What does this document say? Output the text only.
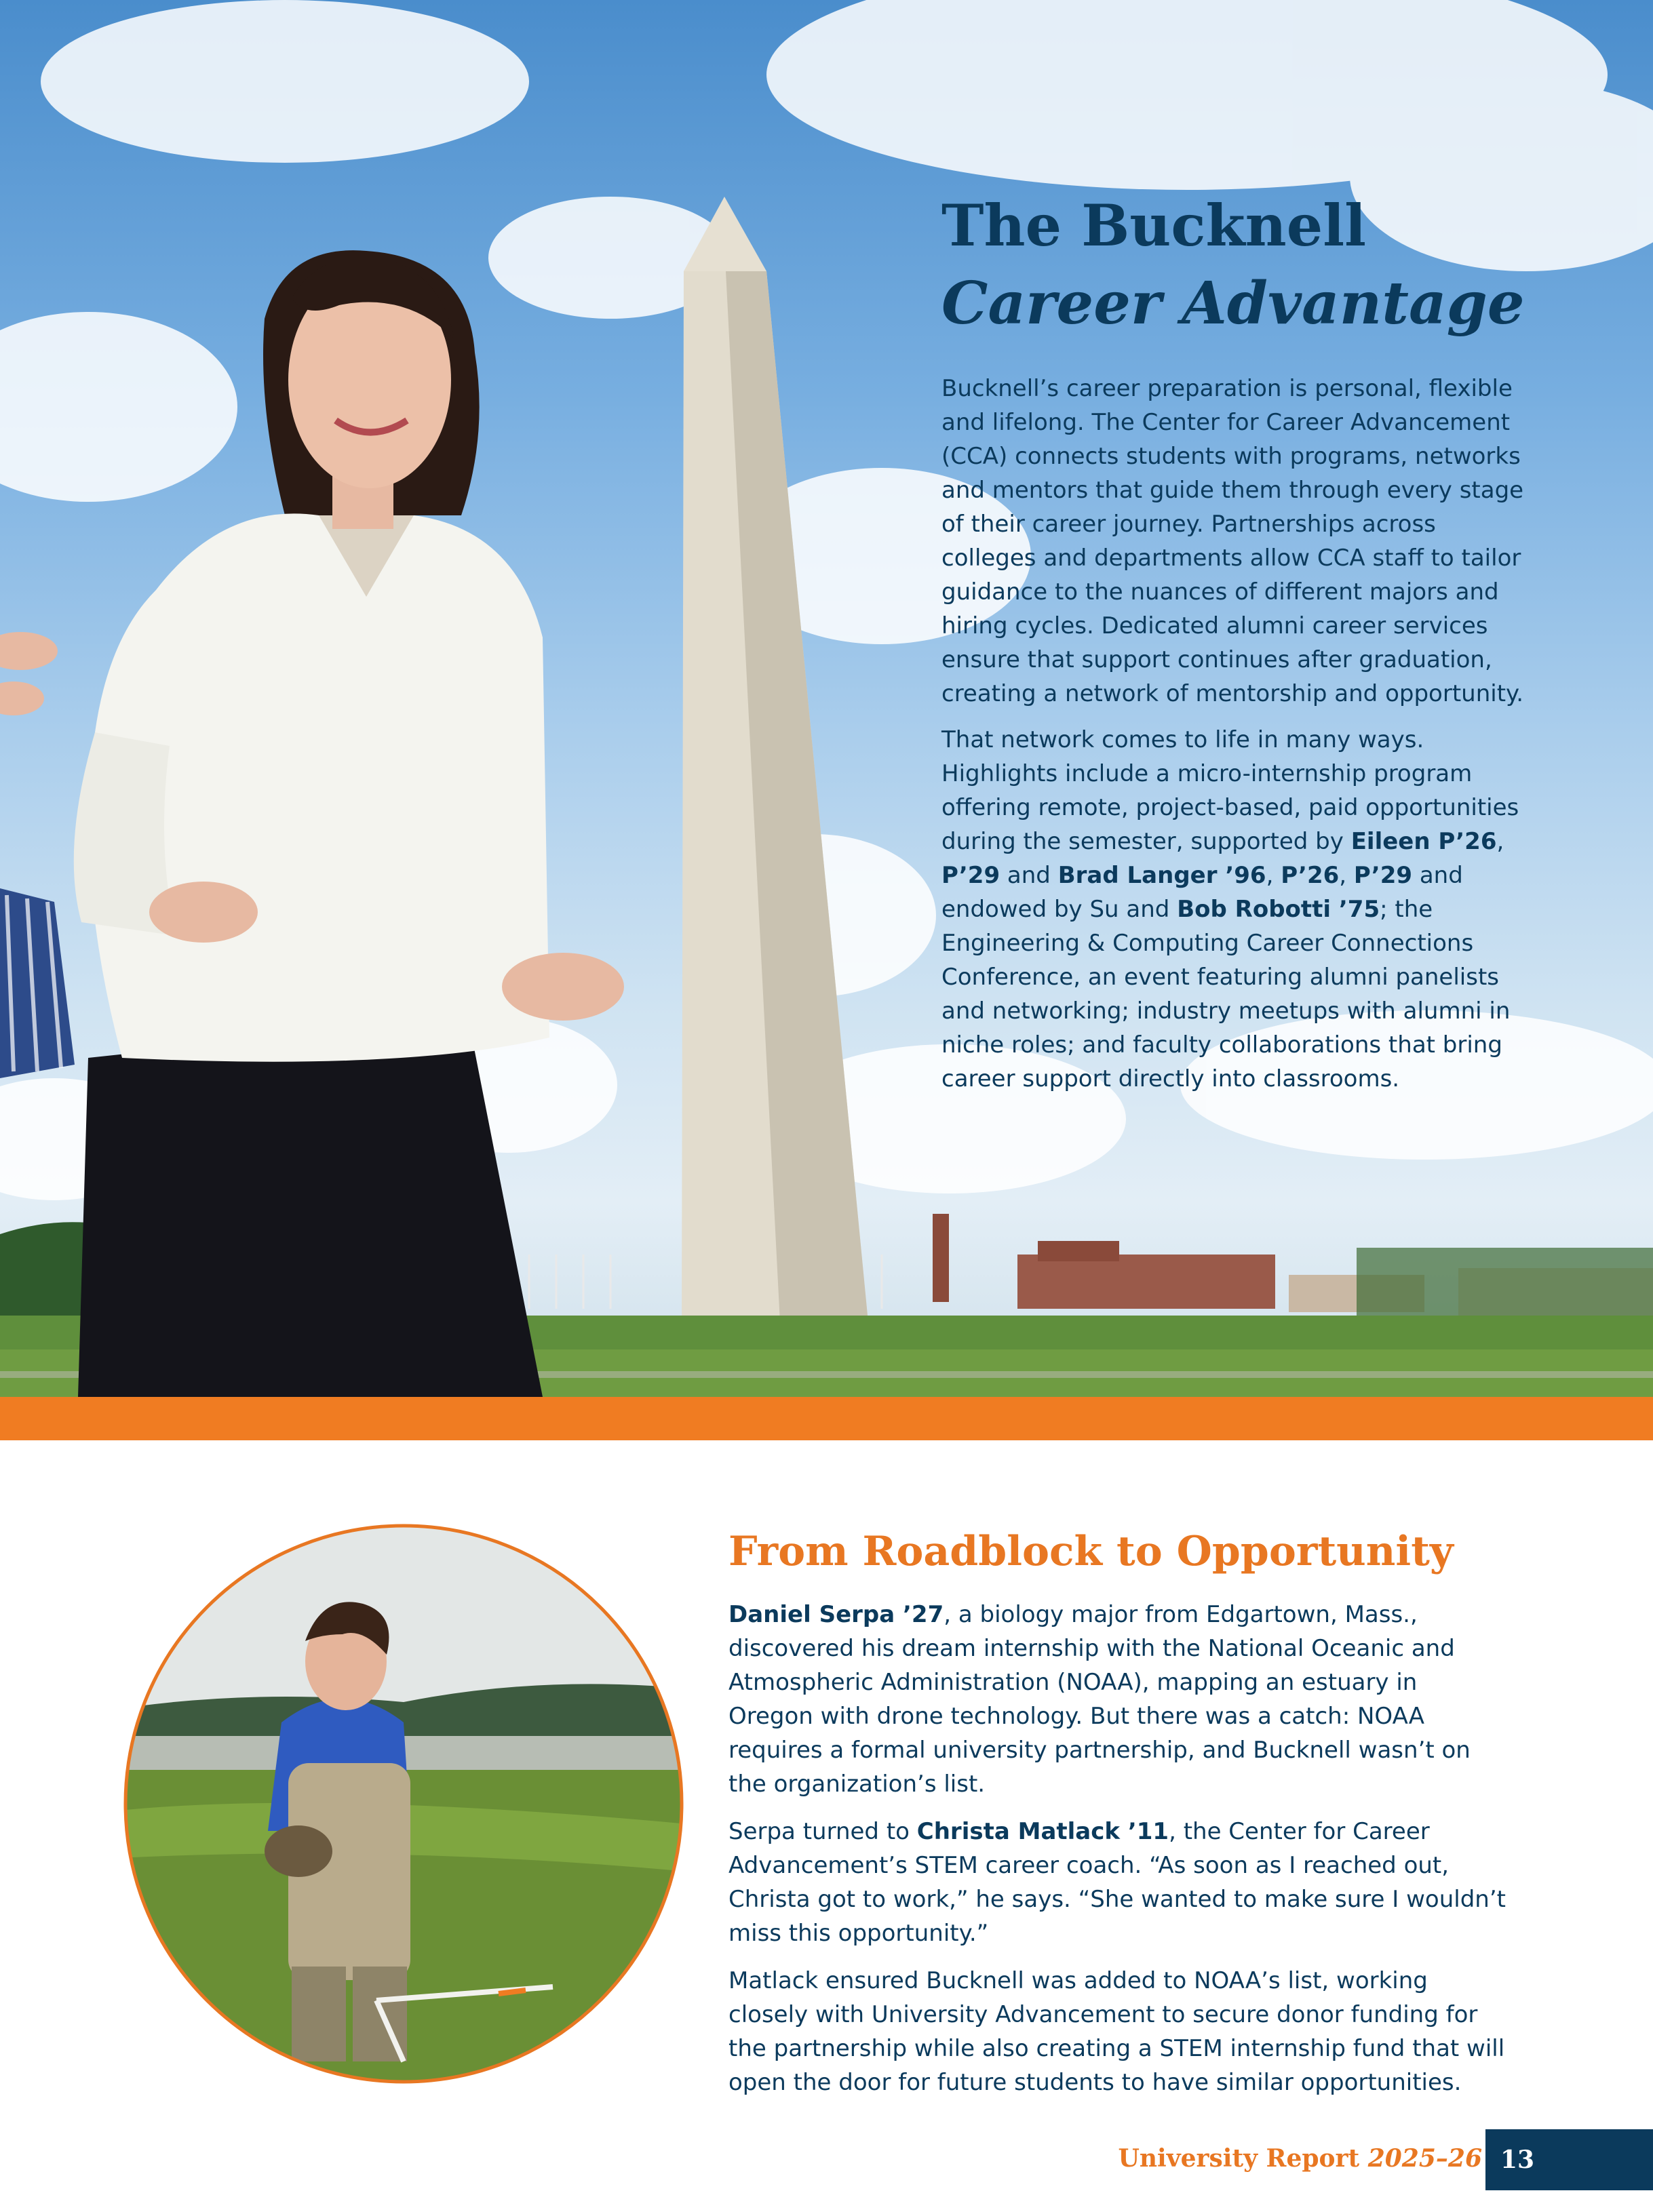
The Bucknell
Career Advantage

Bucknell’s career preparation is personal, flexible and lifelong. The Center for Career Advancement (CCA) connects students with programs, networks and mentors that guide them through every stage of their career journey. Partnerships across colleges and departments allow CCA staff to tailor guidance to the nuances of different majors and hiring cycles. Dedicated alumni career services ensure that support continues after graduation, creating a network of mentorship and opportunity.

That network comes to life in many ways. Highlights include a micro-internship program offering remote, project-based, paid opportunities during the semester, supported by Eileen P’26, P’29 and Brad Langer ’96, P’26, P’29 and endowed by Su and Bob Robotti ’75; the Engineering & Computing Career Connections Conference, an event featuring alumni panelists and networking; industry meetups with alumni in niche roles; and faculty collaborations that bring career support directly into classrooms.

From Roadblock to Opportunity

Daniel Serpa ’27, a biology major from Edgartown, Mass., discovered his dream internship with the National Oceanic and Atmospheric Administration (NOAA), mapping an estuary in Oregon with drone technology. But there was a catch: NOAA requires a formal university partnership, and Bucknell wasn’t on the organization’s list.

Serpa turned to Christa Matlack ’11, the Center for Career Advancement’s STEM career coach. “As soon as I reached out, Christa got to work,” he says. “She wanted to make sure I wouldn’t miss this opportunity.”

Matlack ensured Bucknell was added to NOAA’s list, working closely with University Advancement to secure donor funding for the partnership while also creating a STEM internship fund that will open the door for future students to have similar opportunities.

University Report 2025–26 13
